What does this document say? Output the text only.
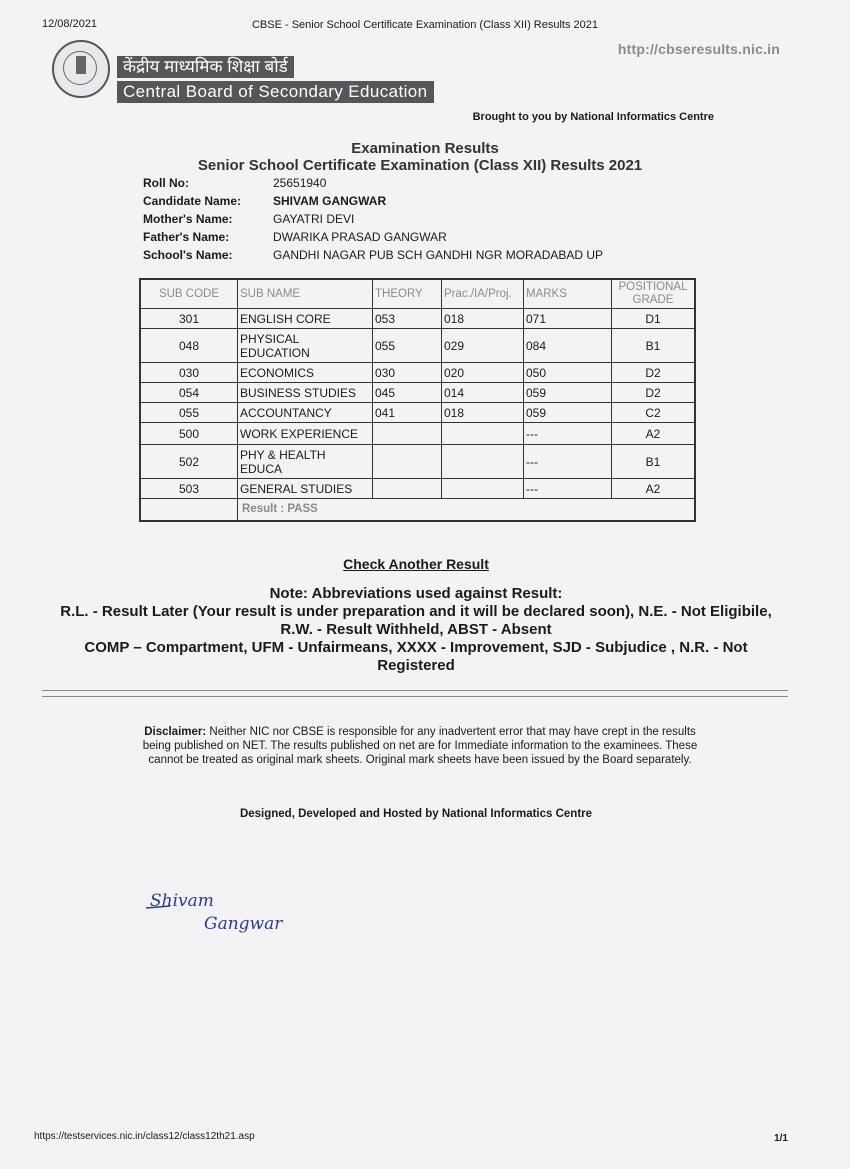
12/08/2021	CBSE - Senior School Certificate Examination (Class XII) Results 2021
http://cbseresults.nic.in
केंद्रीय माध्यमिक शिक्षा बोर्ड
Central Board of Secondary Education
Brought to you by National Informatics Centre
Examination Results
Senior School Certificate Examination (Class XII) Results 2021
Roll No:	25651940
Candidate Name:	SHIVAM GANGWAR
Mother's Name:	GAYATRI DEVI
Father's Name:	DWARIKA PRASAD GANGWAR
School's Name:	GANDHI NAGAR PUB SCH GANDHI NGR MORADABAD UP
SUB CODE	SUB NAME	THEORY	Prac./IA/Proj.	MARKS	POSITIONAL GRADE
301	ENGLISH CORE	053	018	071	D1
048	PHYSICAL EDUCATION	055	029	084	B1
030	ECONOMICS	030	020	050	D2
054	BUSINESS STUDIES	045	014	059	D2
055	ACCOUNTANCY	041	018	059	C2
500	WORK EXPERIENCE			---	A2
502	PHY & HEALTH EDUCA			---	B1
503	GENERAL STUDIES			---	A2
	Result : PASS				
Check Another Result
Note: Abbreviations used against Result:
R.L. - Result Later (Your result is under preparation and it will be declared soon), N.E. - Not Eligibile,
R.W. - Result Withheld, ABST - Absent
COMP – Compartment, UFM - Unfairmeans, XXXX - Improvement, SJD - Subjudice , N.R. - Not
Registered
Disclaimer: Neither NIC nor CBSE is responsible for any inadvertent error that may have crept in the results being published on NET. The results published on net are for Immediate information to the examinees. These cannot be treated as original mark sheets. Original mark sheets have been issued by the Board separately.
Designed, Developed and Hosted by National Informatics Centre
Shivam
Gangwar
https://testservices.nic.in/class12/class12th21.asp	1/1
